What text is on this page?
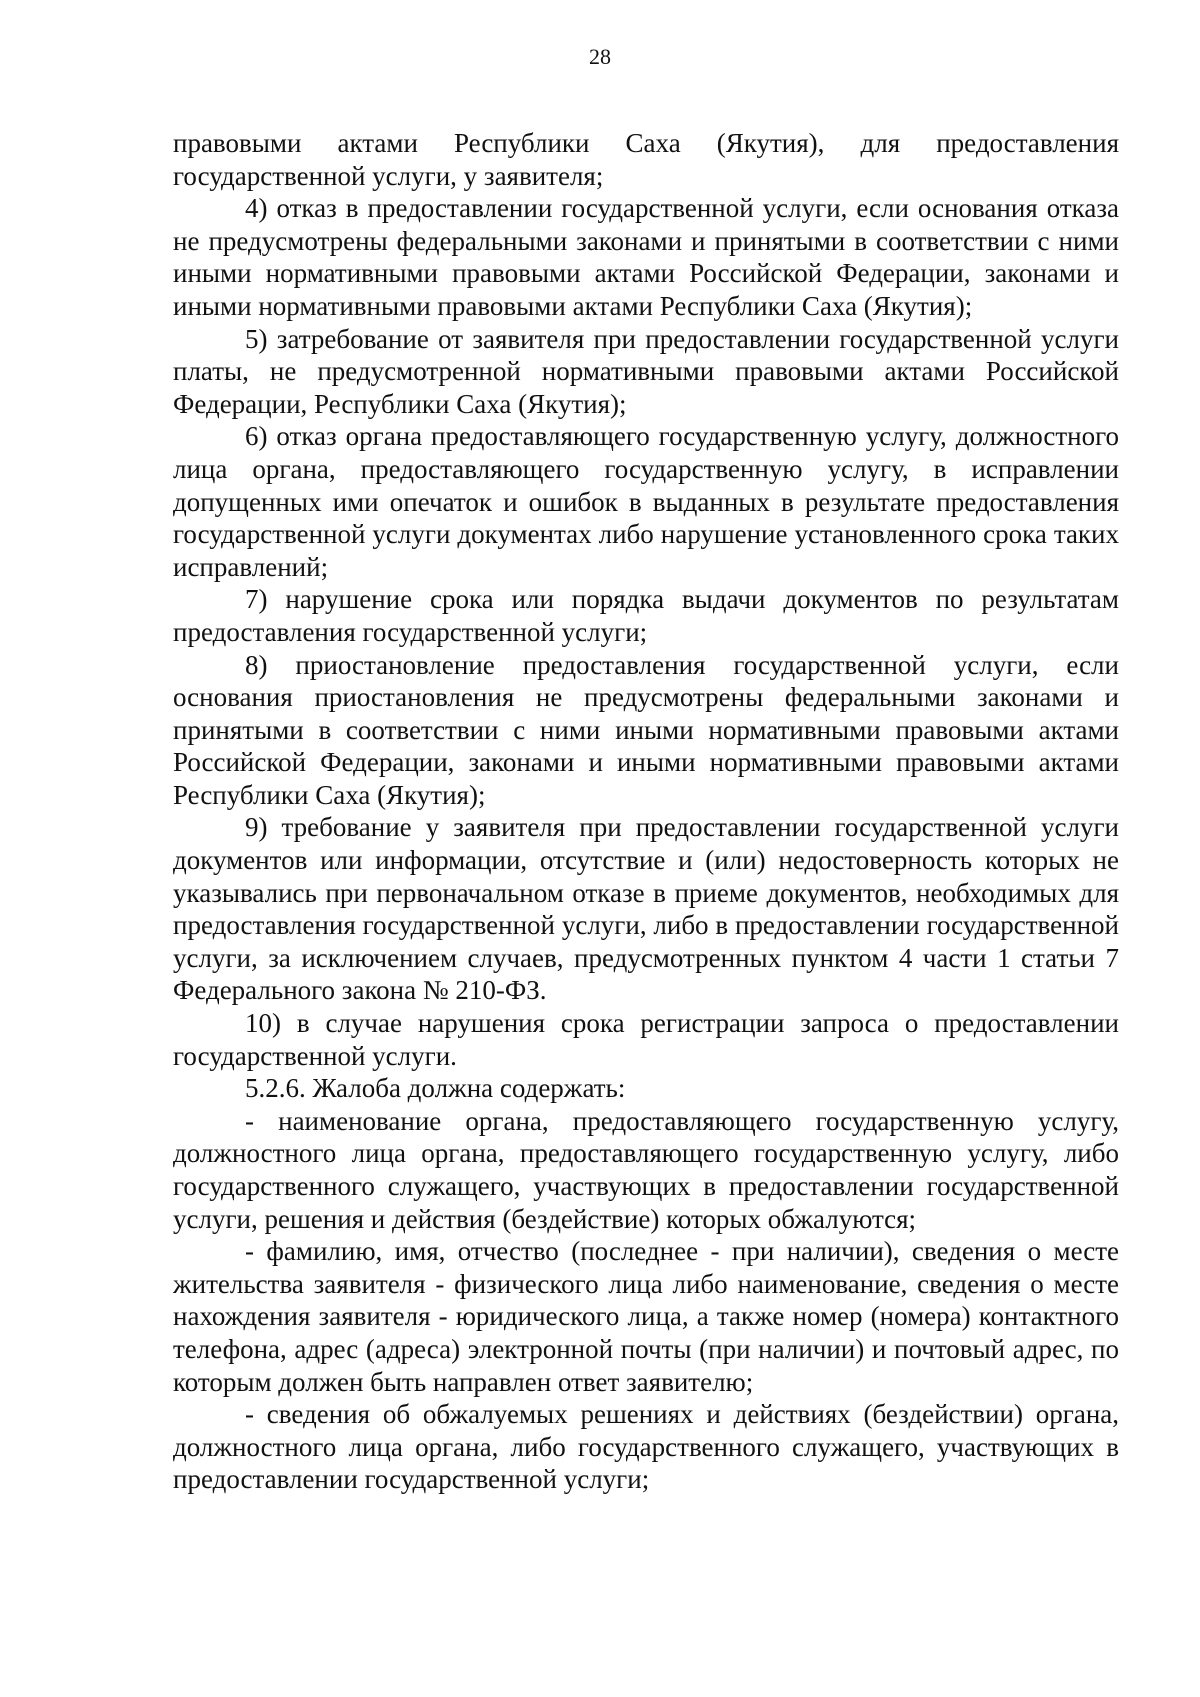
28

правовыми актами Республики Саха (Якутия), для предоставления государственной услуги, у заявителя;

4) отказ в предоставлении государственной услуги, если основания отказа не предусмотрены федеральными законами и принятыми в соответствии с ними иными нормативными правовыми актами Российской Федерации, законами и иными нормативными правовыми актами Республики Саха (Якутия);

5) затребование от заявителя при предоставлении государственной услуги платы, не предусмотренной нормативными правовыми актами Российской Федерации, Республики Саха (Якутия);

6) отказ органа предоставляющего государственную услугу, должностного лица органа, предоставляющего государственную услугу, в исправлении допущенных ими опечаток и ошибок в выданных в результате предоставления государственной услуги документах либо нарушение установленного срока таких исправлений;

7) нарушение срока или порядка выдачи документов по результатам предоставления государственной услуги;

8) приостановление предоставления государственной услуги, если основания приостановления не предусмотрены федеральными законами и принятыми в соответствии с ними иными нормативными правовыми актами Российской Федерации, законами и иными нормативными правовыми актами Республики Саха (Якутия);

9) требование у заявителя при предоставлении государственной услуги документов или информации, отсутствие и (или) недостоверность которых не указывались при первоначальном отказе в приеме документов, необходимых для предоставления государственной услуги, либо в предоставлении государственной услуги, за исключением случаев, предусмотренных пунктом 4 части 1 статьи 7 Федерального закона № 210-ФЗ.

10) в случае нарушения срока регистрации запроса о предоставлении государственной услуги.

5.2.6. Жалоба должна содержать:

- наименование органа, предоставляющего государственную услугу, должностного лица органа, предоставляющего государственную услугу, либо государственного служащего, участвующих в предоставлении государственной услуги, решения и действия (бездействие) которых обжалуются;

- фамилию, имя, отчество (последнее - при наличии), сведения о месте жительства заявителя - физического лица либо наименование, сведения о месте нахождения заявителя - юридического лица, а также номер (номера) контактного телефона, адрес (адреса) электронной почты (при наличии) и почтовый адрес, по которым должен быть направлен ответ заявителю;

- сведения об обжалуемых решениях и действиях (бездействии) органа, должностного лица органа, либо государственного служащего, участвующих в предоставлении государственной услуги;
